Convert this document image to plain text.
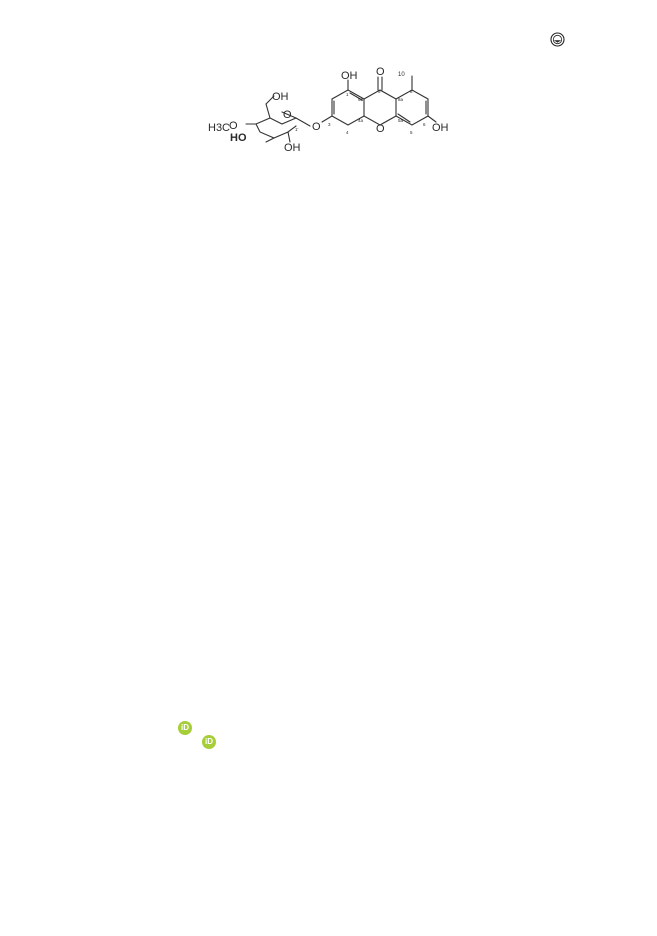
OH O 10
1
9
9a	8a
8
3
4
4a
O
5a
5
6 OH
O
1'
O
OH
H3C
O
HO
OH
iD
iD
